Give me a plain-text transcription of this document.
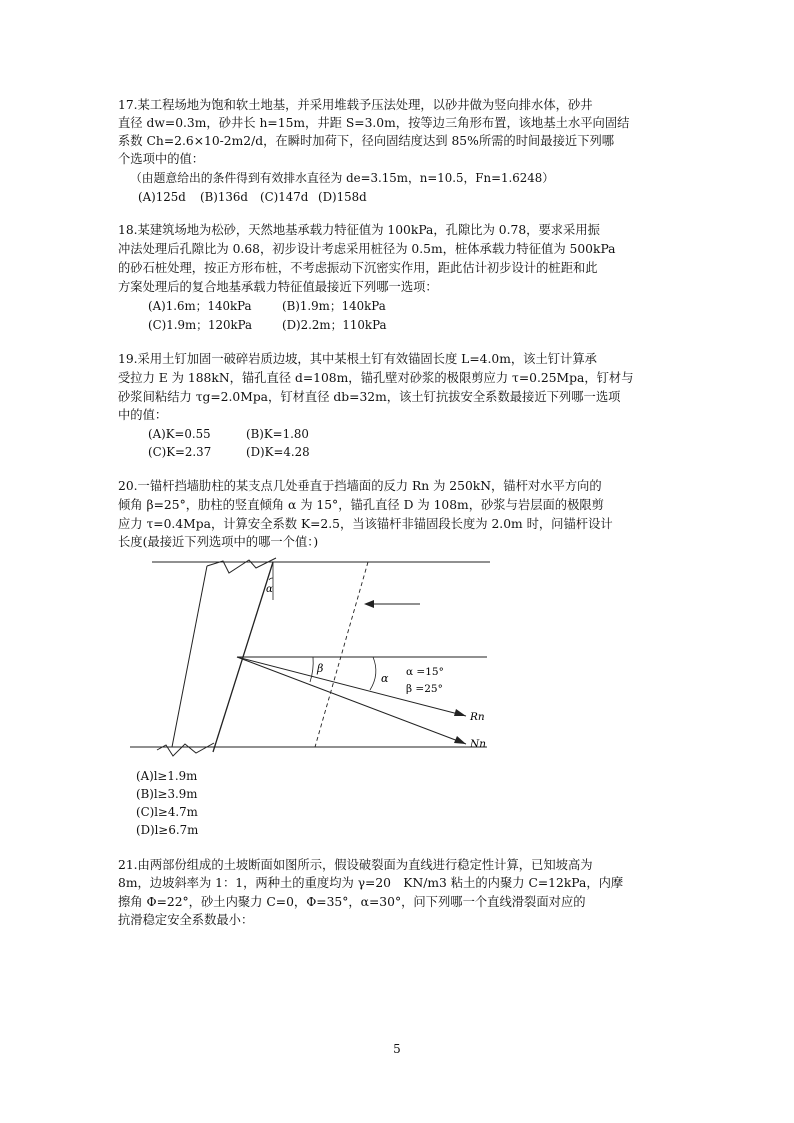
17.某工程场地为饱和软土地基，并采用堆载予压法处理，以砂井做为竖向排水体，砂井
直径 dw=0.3m，砂井长 h=15m，井距 S=3.0m，按等边三角形布置，该地基土水平向固结
系数 Ch=2.6×10-2m2/d，在瞬时加荷下，径向固结度达到 85%所需的时间最接近下列哪
个选项中的值：
（由题意给出的条件得到有效排水直径为 de=3.15m，n=10.5，Fn=1.6248）
(A)125d (B)136d (C)147d (D)158d
18.某建筑场地为松砂，天然地基承载力特征值为 100kPa，孔隙比为 0.78，要求采用振
冲法处理后孔隙比为 0.68，初步设计考虑采用桩径为 0.5m，桩体承载力特征值为 500kPa
的砂石桩处理，按正方形布桩，不考虑振动下沉密实作用，距此估计初步设计的桩距和此
方案处理后的复合地基承载力特征值最接近下列哪一选项：
(A)1.6m；140kPa	(B)1.9m；140kPa
(C)1.9m；120kPa	(D)2.2m；110kPa
19.采用土钉加固一破碎岩质边坡，其中某根土钉有效锚固长度 L=4.0m，该土钉计算承
受拉力 E 为 188kN，锚孔直径 d=108m，锚孔壁对砂浆的极限剪应力 τ=0.25Mpa，钉材与
砂浆间粘结力 τg=2.0Mpa，钉材直径 db=32m，该土钉抗拔安全系数最接近下列哪一选项
中的值：
(A)K=0.55	(B)K=1.80
(C)K=2.37	(D)K=4.28
20.一锚杆挡墙肋柱的某支点几处垂直于挡墙面的反力 Rn 为 250kN，锚杆对水平方向的
倾角 β=25°，肋柱的竖直倾角 α 为 15°，锚孔直径 D 为 108m，砂浆与岩层面的极限剪
应力 τ=0.4Mpa，计算安全系数 K=2.5，当该锚杆非锚固段长度为 2.0m 时，问锚杆设计
长度(最接近下列选项中的哪一个值：)
α
β
α α =15°
β =25°
Rn
Nn
(A)l≥1.9m
(B)l≥3.9m
(C)l≥4.7m
(D)l≥6.7m
21.由两部份组成的土坡断面如图所示，假设破裂面为直线进行稳定性计算，已知坡高为
8m，边坡斜率为 1：1，两种土的重度均为 γ=20　KN/m3 粘土的内聚力 C=12kPa，内摩
擦角 Φ=22°，砂土内聚力 C=0，Φ=35°，α=30°，问下列哪一个直线滑裂面对应的
抗滑稳定安全系数最小：
5
